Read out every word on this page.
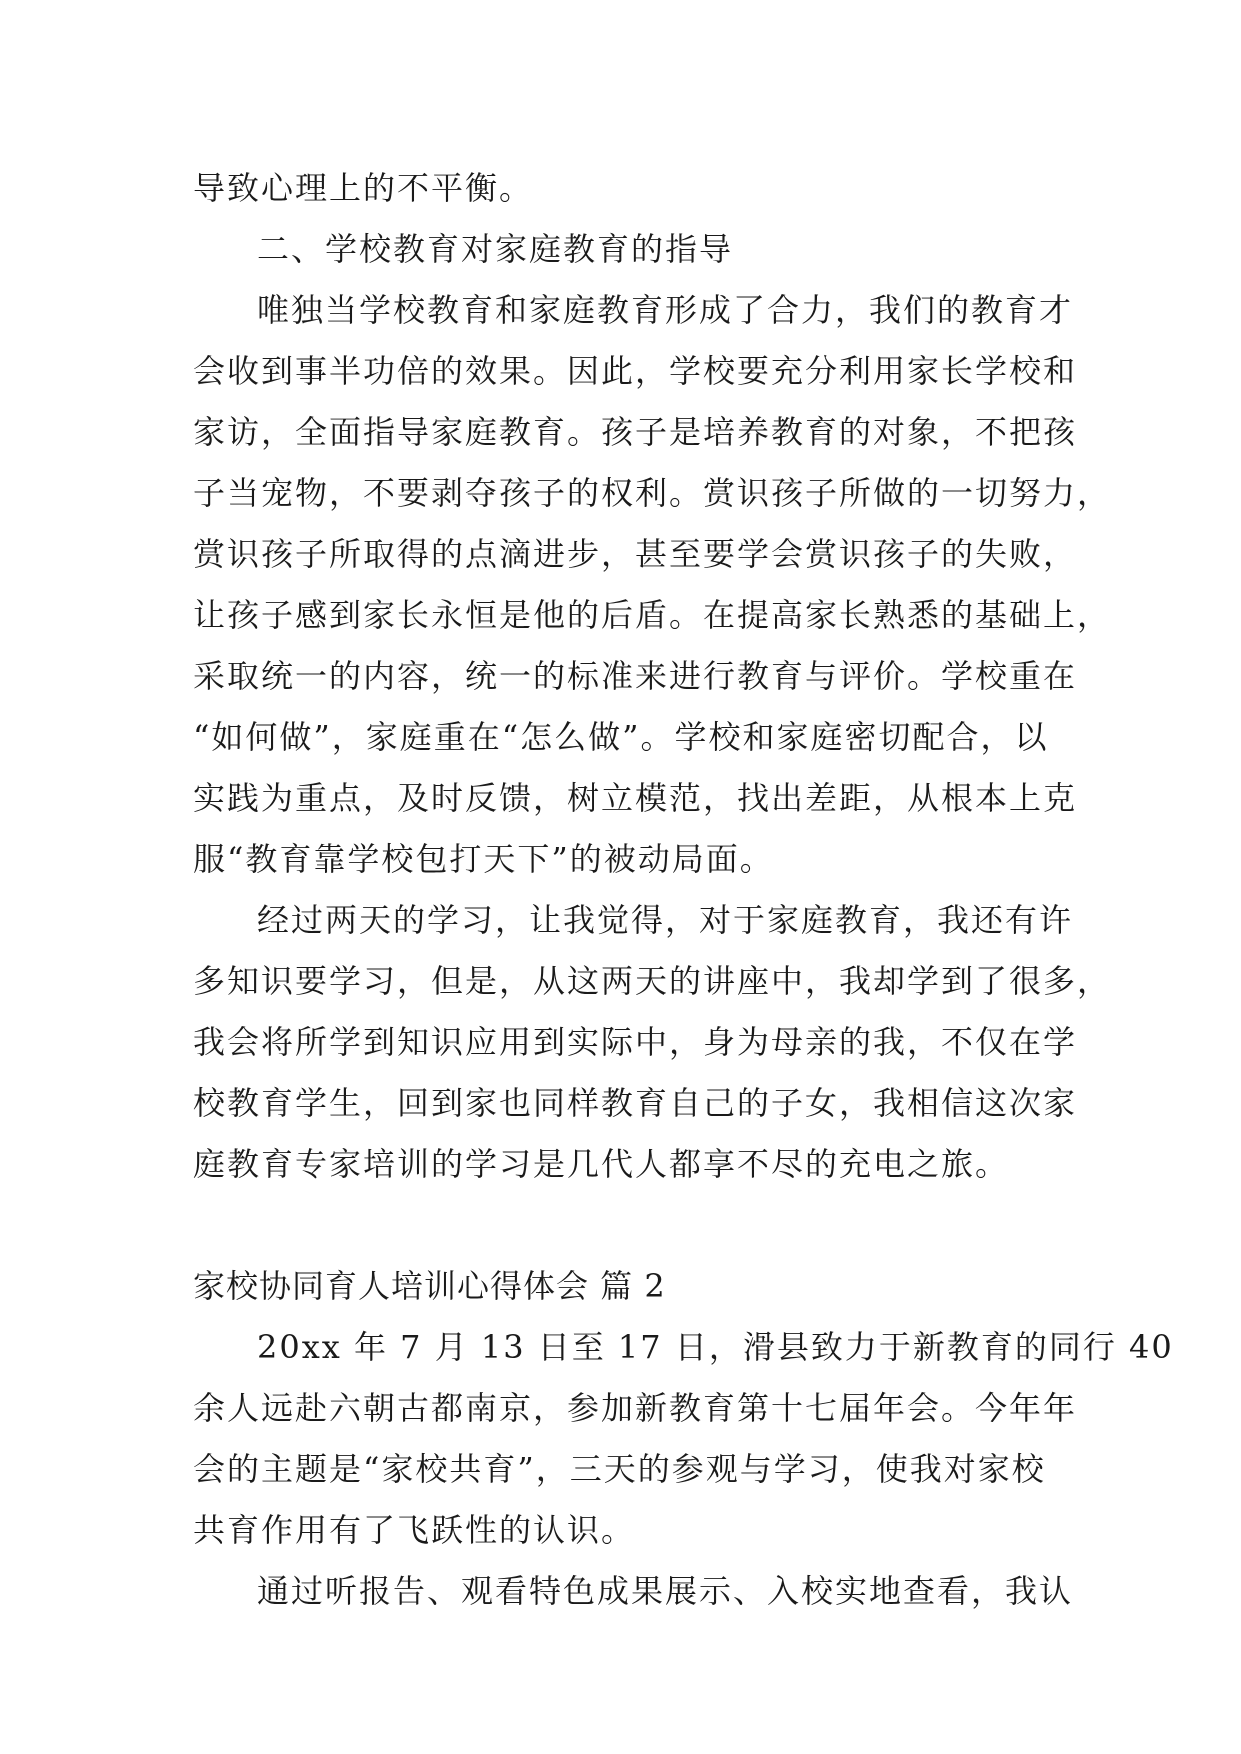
导致心理上的不平衡。
二、学校教育对家庭教育的指导
唯独当学校教育和家庭教育形成了合力，我们的教育才
会收到事半功倍的效果。因此，学校要充分利用家长学校和
家访，全面指导家庭教育。孩子是培养教育的对象，不把孩
子当宠物，不要剥夺孩子的权利。赏识孩子所做的一切努力，
赏识孩子所取得的点滴进步，甚至要学会赏识孩子的失败，
让孩子感到家长永恒是他的后盾。在提高家长熟悉的基础上，
采取统一的内容，统一的标准来进行教育与评价。学校重在
“如何做”，家庭重在“怎么做”。学校和家庭密切配合，以
实践为重点，及时反馈，树立模范，找出差距，从根本上克
服“教育靠学校包打天下”的被动局面。
经过两天的学习，让我觉得，对于家庭教育，我还有许
多知识要学习，但是，从这两天的讲座中，我却学到了很多，
我会将所学到知识应用到实际中，身为母亲的我，不仅在学
校教育学生，回到家也同样教育自己的子女，我相信这次家
庭教育专家培训的学习是几代人都享不尽的充电之旅。
家校协同育人培训心得体会 篇 2
20xx 年 7 月 13 日至 17 日，滑县致力于新教育的同行 40
余人远赴六朝古都南京，参加新教育第十七届年会。今年年
会的主题是“家校共育”，三天的参观与学习，使我对家校
共育作用有了飞跃性的认识。
通过听报告、观看特色成果展示、入校实地查看，我认
